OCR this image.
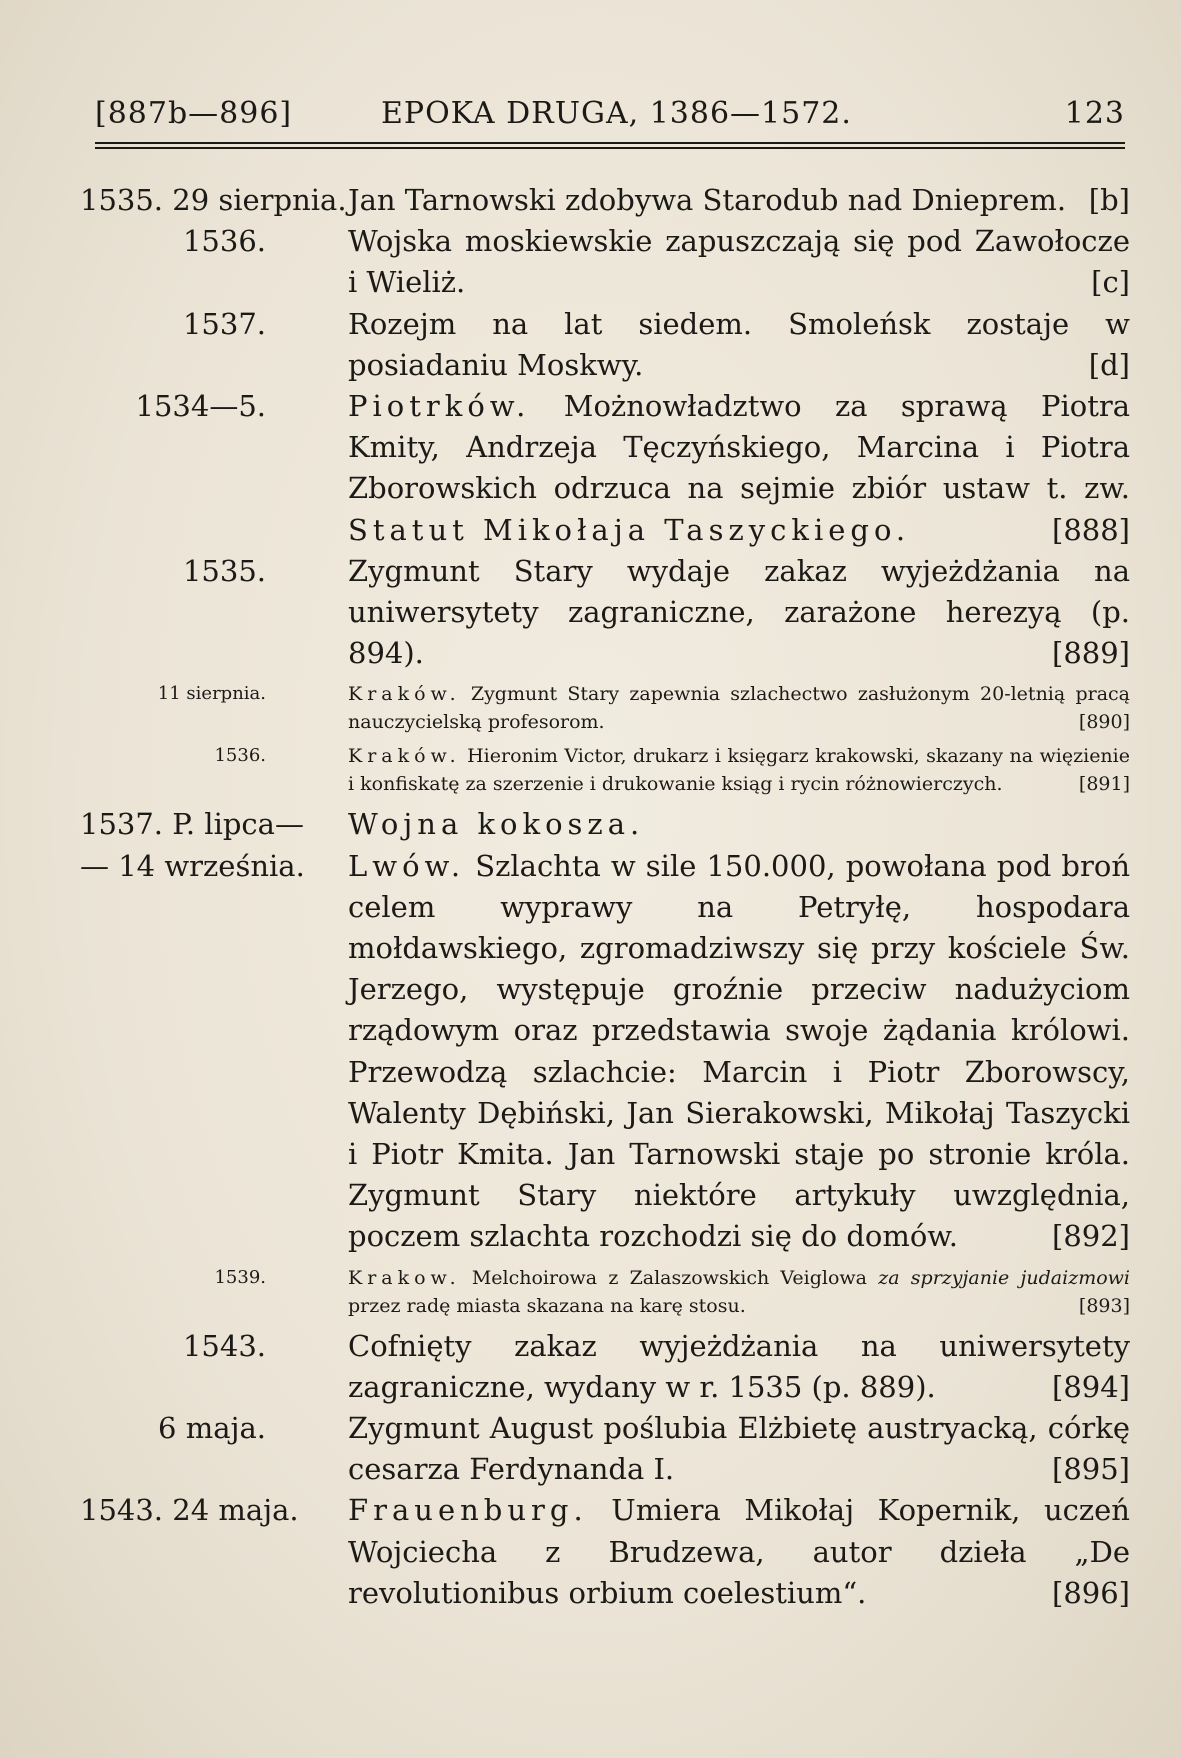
[887b—896]	EPOKA DRUGA, 1386—1572.	123
1535. 29 sierpnia. Jan Tarnowski zdobywa Starodub nad Dnieprem. [b]
1536.	Wojska moskiewskie zapuszczają się pod Zawołocze i Wieliż.	[c]
1537.	Rozejm na lat siedem. Smoleńsk zostaje w posiadaniu Moskwy.	[d]
1534—5.	Piotrków. Możnowładztwo za sprawą Piotra Kmity, Andrzeja Tęczyńskiego, Marcina i Piotra Zborowskich odrzuca na sejmie zbiór ustaw t. zw. Statut Mikołaja Taszyckiego.	[888]
1535.	Zygmunt Stary wydaje zakaz wyjeżdżania na uniwersytety zagraniczne, zarażone herezyą (p. 894).	[889]
11 sierpnia.	Kraków. Zygmunt Stary zapewnia szlachectwo zasłużonym 20-letnią pracą nauczycielską profesorom.	[890]
1536.	Kraków. Hieronim Victor, drukarz i księgarz krakowski, skazany na więzienie i konfiskatę za szerzenie i drukowanie ksiąg i rycin różnowierczych.	[891]
1537. P. lipca—	Wojna kokosza.
— 14 września.	Lwów. Szlachta w sile 150.000, powołana pod broń celem wyprawy na Petryłę, hospodara mołdawskiego, zgromadziwszy się przy kościele Św. Jerzego, występuje groźnie przeciw nadużyciom rządowym oraz przedstawia swoje żądania królowi. Przewodzą szlachcie: Marcin i Piotr Zborowscy, Walenty Dębiński, Jan Sierakowski, Mikołaj Taszycki i Piotr Kmita. Jan Tarnowski staje po stronie króla. Zygmunt Stary niektóre artykuły uwzględnia, poczem szlachta rozchodzi się do domów.	[892]
1539.	Krakow. Melchoirowa z Zalaszowskich Veiglowa za sprzyjanie judaizmowi przez radę miasta skazana na karę stosu.	[893]
1543.	Cofnięty zakaz wyjeżdżania na uniwersytety zagraniczne, wydany w r. 1535 (p. 889).	[894]
6 maja.	Zygmunt August poślubia Elżbietę austryacką, córkę cesarza Ferdynanda I.	[895]
1543. 24 maja.	Frauenburg. Umiera Mikołaj Kopernik, uczeń Wojciecha z Brudzewa, autor dzieła „De revolutionibus orbium coelestium“.	[896]
